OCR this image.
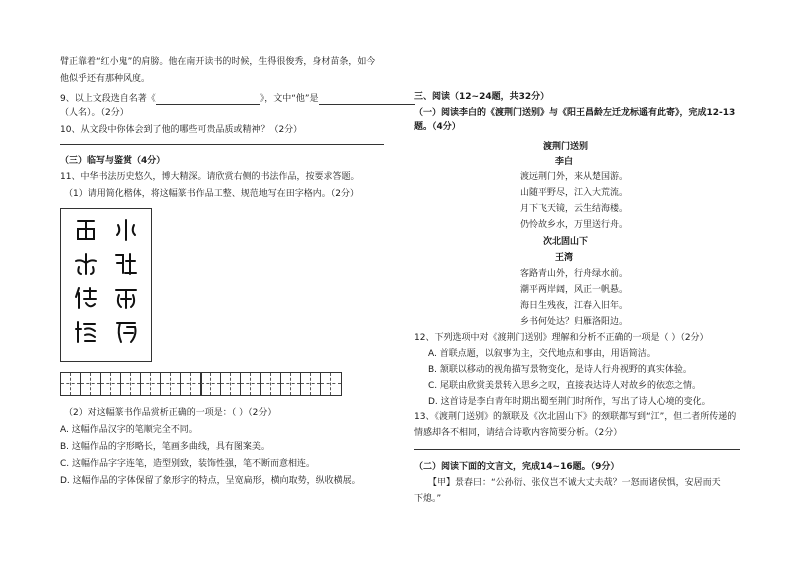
臂正靠着“红小鬼”的肩膀。他在南开读书的时候，生得很俊秀，身材苗条，如今
他似乎还有那种风度。
9、以上文段选自名著《	》，文中“他”是
（人名）。（2分）
10、从文段中你体会到了他的哪些可贵品质或精神？（2分）
（三）临写与鉴赏（4分）
11、中华书法历史悠久，博大精深。请欣赏右侧的书法作品，按要求答题。
（1）请用简化楷体，将这幅篆书作品工整、规范地写在田字格内。（2分）
（2）对这幅篆书作品赏析正确的一项是：（ ）（2分）
A. 这幅作品汉字的笔顺完全不同。
B. 这幅作品的字形略长，笔画多曲线，具有图案美。
C. 这幅作品字字连笔，造型别致，装饰性强，笔不断而意相连。
D. 这幅作品的字体保留了象形字的特点，呈宽扁形，横向取势，纵收横展。
三、阅读（12~24题，共32分）
（一）阅读李白的《渡荆门送别》与《阳王昌龄左迁龙标遥有此寄》，完成12-13
题。（4分）
渡荆门送别
李白
渡远荆门外，来从楚国游。
山随平野尽，江入大荒流。
月下飞天镜，云生结海楼。
仍怜故乡水，万里送行舟。
次北固山下
王湾
客路青山外，行舟绿水前。
潮平两岸阔，风正一帆悬。
海日生残夜，江春入旧年。
乡书何处达？归雁洛阳边。
12、下列选项中对《渡荆门送别》理解和分析不正确的一项是（ ）（2分）
A. 首联点题，以叙事为主，交代地点和事由，用语简洁。
B. 颔联以移动的视角描写景物变化，是诗人行舟视野的真实体验。
C. 尾联由欣赏美景转入思乡之叹，直接表达诗人对故乡的依恋之情。
D. 这首诗是李白青年时期出蜀至荆门时所作，写出了诗人心境的变化。
13、《渡荆门送别》的颔联及《次北固山下》的颈联都写到“江”，但二者所传递的
情感却各不相同，请结合诗歌内容简要分析。（2分）
（二）阅读下面的文言文，完成14~16题。（9分）
【甲】景春曰：“公孙衍、张仪岂不诚大丈夫哉？一怒而诸侯惧，安居而天
下熄。”
